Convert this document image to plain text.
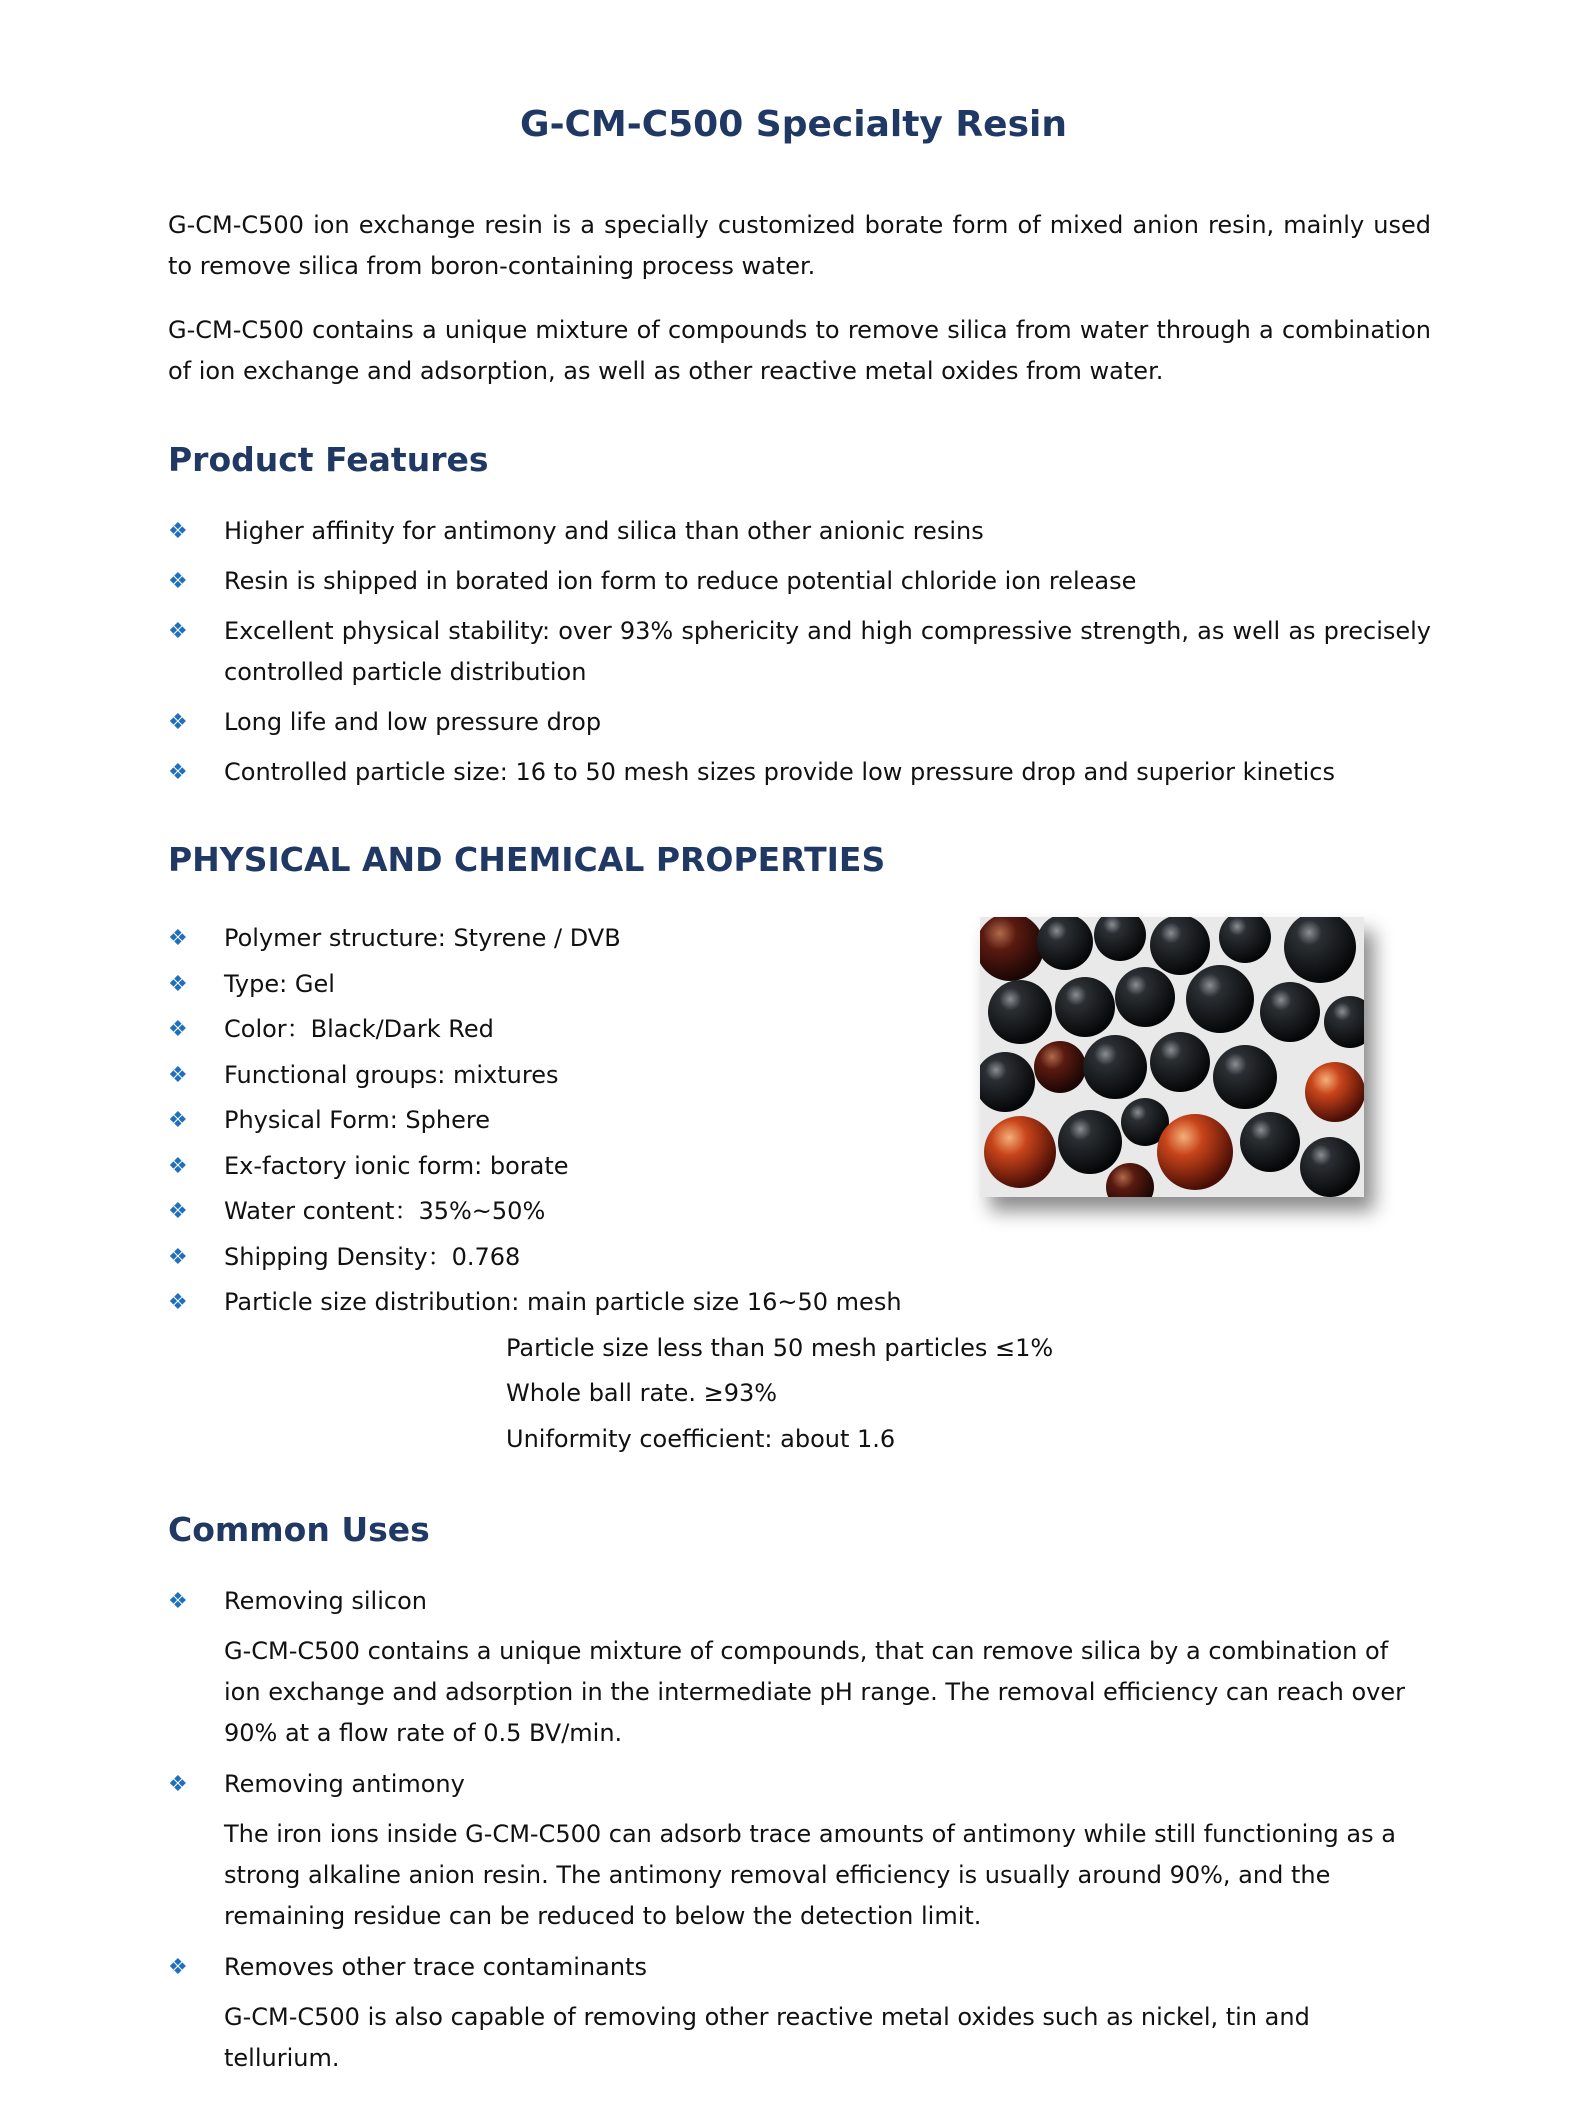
G-CM-C500 Specialty Resin

G-CM-C500 ion exchange resin is a specially customized borate form of mixed anion resin, mainly used to remove silica from boron-containing process water.

G-CM-C500 contains a unique mixture of compounds to remove silica from water through a combination of ion exchange and adsorption, as well as other reactive metal oxides from water.

Product Features
❖	Higher affinity for antimony and silica than other anionic resins
❖	Resin is shipped in borated ion form to reduce potential chloride ion release
❖	Excellent physical stability: over 93% sphericity and high compressive strength, as well as precisely controlled particle distribution
❖	Long life and low pressure drop
❖	Controlled particle size: 16 to 50 mesh sizes provide low pressure drop and superior kinetics
PHYSICAL AND CHEMICAL PROPERTIES
❖	Polymer structure: Styrene / DVB
❖	Type: Gel
❖	Color：Black/Dark Red
❖	Functional groups: mixtures
❖	Physical Form: Sphere
❖	Ex-factory ionic form: borate
❖	Water content：35%~50%
❖	Shipping Density：0.768
❖	Particle size distribution: main particle size 16~50 mesh
Particle size less than 50 mesh particles ≤1%
Whole ball rate. ≥93%
Uniformity coefficient: about 1.6
Common Uses
❖	Removing silicon

G-CM-C500 contains a unique mixture of compounds, that can remove silica by a combination of ion exchange and adsorption in the intermediate pH range. The removal efficiency can reach over 90% at a flow rate of 0.5 BV/min.

❖	Removing antimony

The iron ions inside G-CM-C500 can adsorb trace amounts of antimony while still functioning as a strong alkaline anion resin. The antimony removal efficiency is usually around 90%, and the remaining residue can be reduced to below the detection limit.

❖	Removes other trace contaminants

G-CM-C500 is also capable of removing other reactive metal oxides such as nickel, tin and tellurium.
